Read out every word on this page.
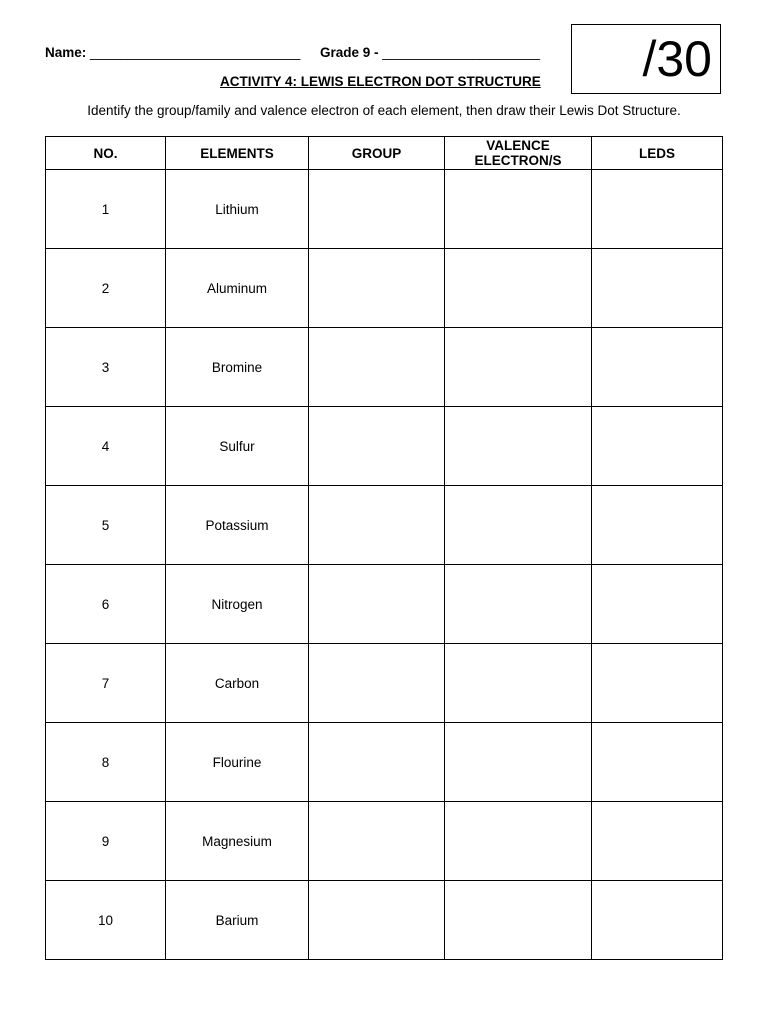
Name: ____________________________ Grade 9 - _____________________ /30
ACTIVITY 4: LEWIS ELECTRON DOT STRUCTURE
Identify the group/family and valence electron of each element, then draw their Lewis Dot Structure.
NO.	ELEMENTS	GROUP	VALENCE ELECTRON/S	LEDS
1	Lithium			
2	Aluminum			
3	Bromine			
4	Sulfur			
5	Potassium			
6	Nitrogen			
7	Carbon			
8	Flourine			
9	Magnesium			
10	Barium			
